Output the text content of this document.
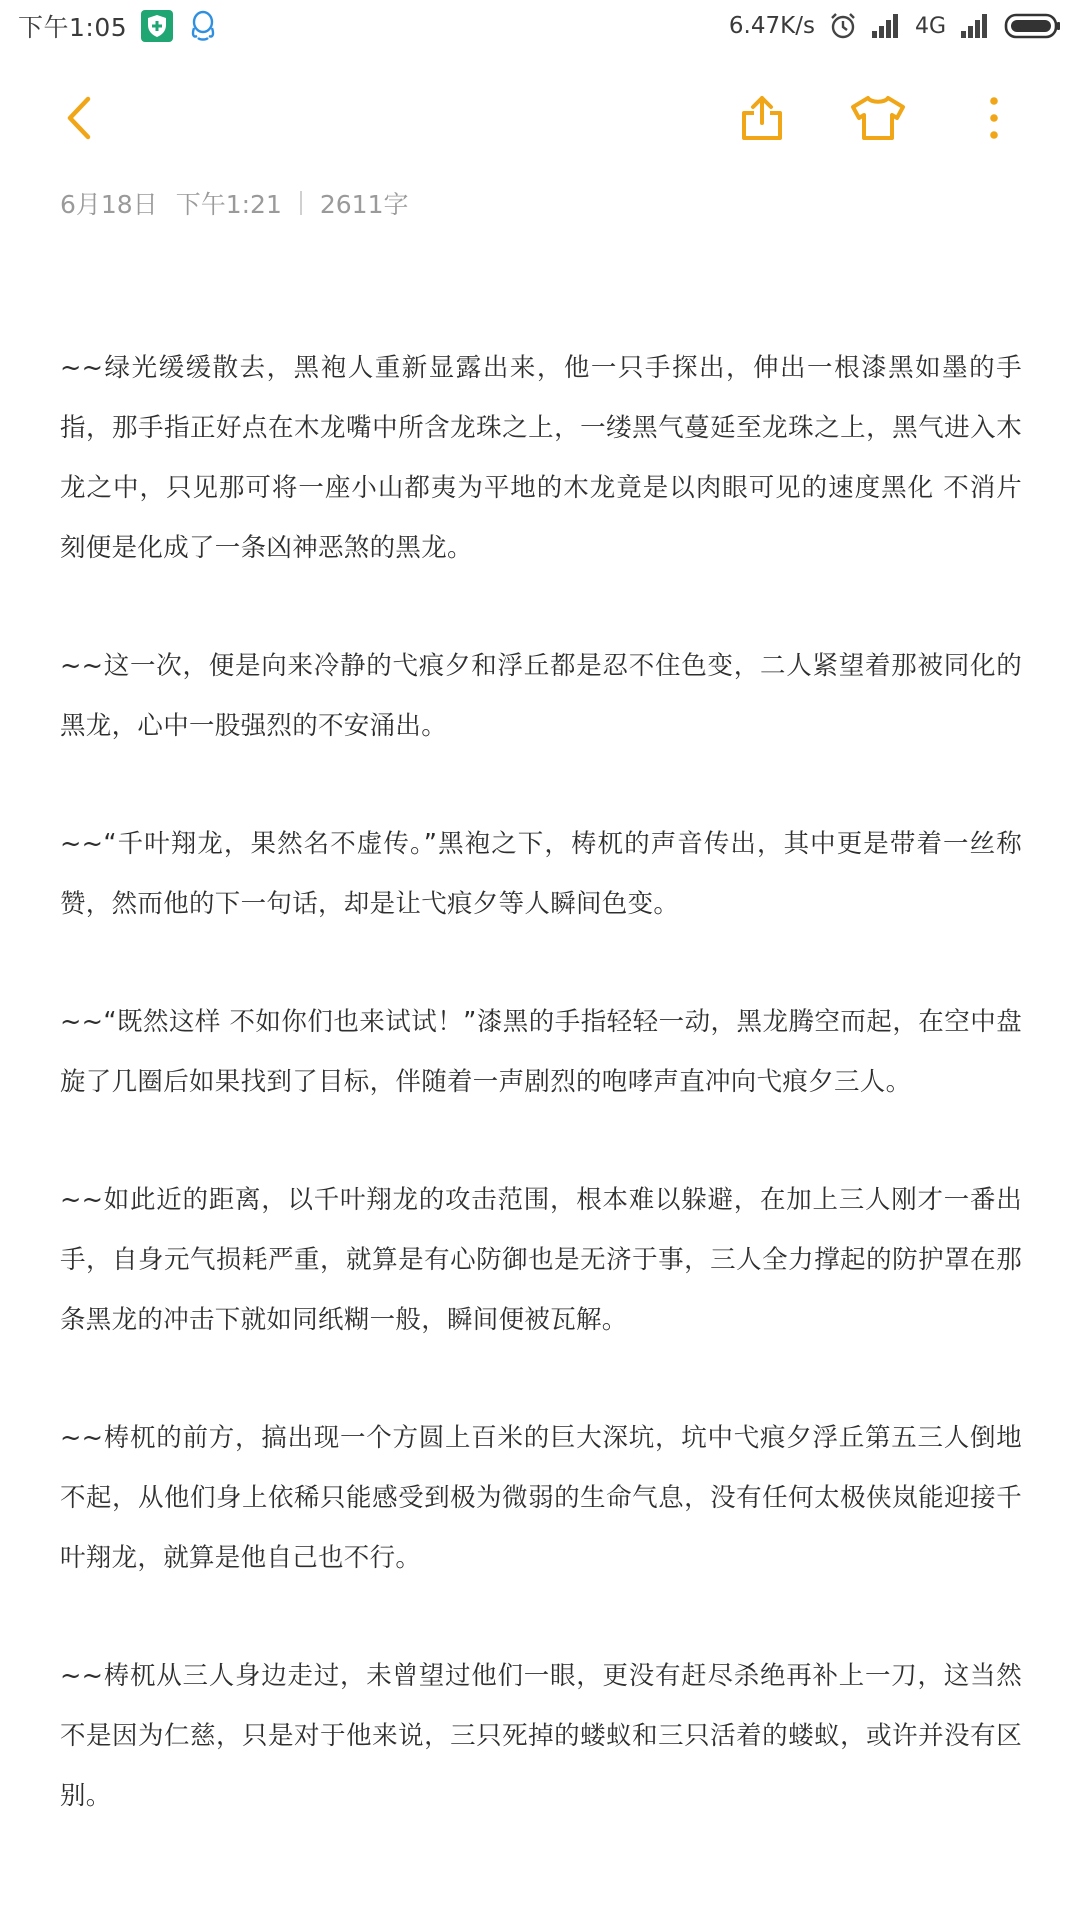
下午1:05	6.47K/s	4G
6月18日 下午1:21 2611字

~~绿光缓缓散去，黑袍人重新显露出来，他一只手探出，伸出一根漆黑如墨的手指，那手指正好点在木龙嘴中所含龙珠之上，一缕黑气蔓延至龙珠之上，黑气进入木龙之中，只见那可将一座小山都夷为平地的木龙竟是以肉眼可见的速度黑化 不消片刻便是化成了一条凶神恶煞的黑龙。

~~这一次，便是向来冷静的弋痕夕和浮丘都是忍不住色变，二人紧望着那被同化的黑龙，心中一股强烈的不安涌出。

~~“千叶翔龙，果然名不虚传。”黑袍之下，梼杌的声音传出，其中更是带着一丝称赞，然而他的下一句话，却是让弋痕夕等人瞬间色变。

~~“既然这样 不如你们也来试试！”漆黑的手指轻轻一动，黑龙腾空而起，在空中盘旋了几圈后如果找到了目标，伴随着一声剧烈的咆哮声直冲向弋痕夕三人。

~~如此近的距离，以千叶翔龙的攻击范围，根本难以躲避，在加上三人刚才一番出手，自身元气损耗严重，就算是有心防御也是无济于事，三人全力撑起的防护罩在那条黑龙的冲击下就如同纸糊一般，瞬间便被瓦解。

~~梼杌的前方，搞出现一个方圆上百米的巨大深坑，坑中弋痕夕浮丘第五三人倒地不起，从他们身上依稀只能感受到极为微弱的生命气息，没有任何太极侠岚能迎接千叶翔龙，就算是他自己也不行。

~~梼杌从三人身边走过，未曾望过他们一眼，更没有赶尽杀绝再补上一刀，这当然不是因为仁慈，只是对于他来说，三只死掉的蝼蚁和三只活着的蝼蚁，或许并没有区别。
